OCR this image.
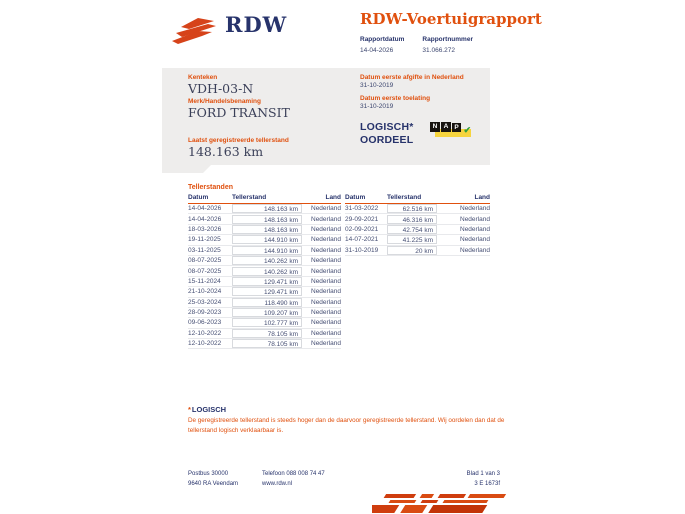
RDW	RDW-Voertuigrapport
Rapportdatum
14-04-2026
Rapportnummer
31.066.272
Kenteken
VDH-03-N
Merk/Handelsbenaming
FORD TRANSIT
Laatst geregistreerde tellerstand
148.163 km
Datum eerste afgifte in Nederland
31-10-2019
Datum eerste toelating
31-10-2019
LOGISCH*
OORDEEL
N A P ✔
Tellerstanden
Datum	Tellerstand	Land
14-04-2026	148.163 km	Nederland
14-04-2026	148.163 km	Nederland
18-03-2026	148.163 km	Nederland
19-11-2025	144.910 km	Nederland
03-11-2025	144.910 km	Nederland
08-07-2025	140.262 km	Nederland
08-07-2025	140.262 km	Nederland
15-11-2024	129.471 km	Nederland
21-10-2024	129.471 km	Nederland
25-03-2024	118.490 km	Nederland
28-09-2023	109.207 km	Nederland
09-06-2023	102.777 km	Nederland
12-10-2022	78.105 km	Nederland
12-10-2022	78.105 km	Nederland
Datum	Tellerstand	Land
31-03-2022	62.516 km	Nederland
29-09-2021	46.316 km	Nederland
02-09-2021	42.754 km	Nederland
14-07-2021	41.225 km	Nederland
31-10-2019	20 km	Nederland
*LOGISCH
De geregistreerde tellerstand is steeds hoger dan de daarvoor geregistreerde tellerstand. Wij oordelen dan dat de
tellerstand logisch verklaarbaar is.
Postbus 30000
9640 RA Veendam
Telefoon 088 008 74 47
www.rdw.nl
Blad 1 van 3
3 E 1673f
